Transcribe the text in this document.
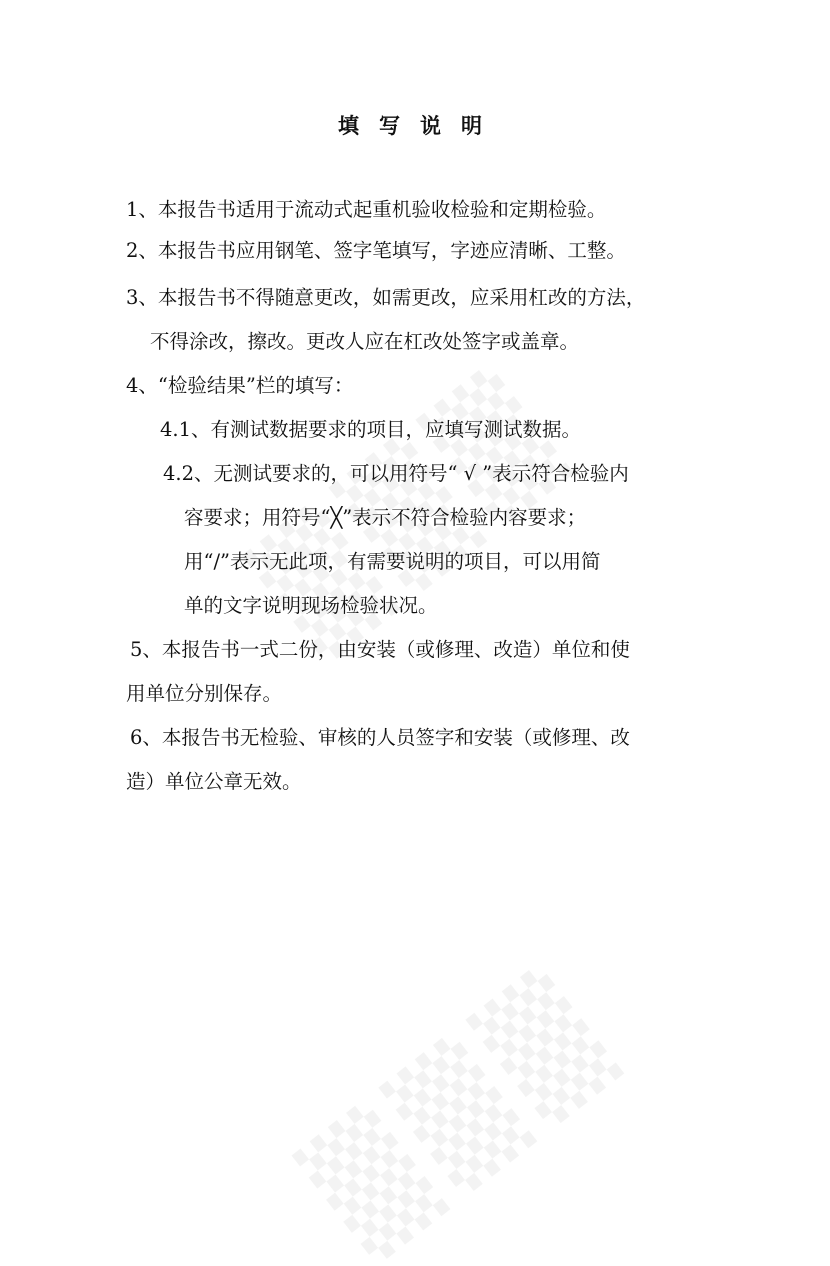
填写说明

1、本报告书适用于流动式起重机验收检验和定期检验。

2、本报告书应用钢笔、签字笔填写，字迹应清晰、工整。

3、本报告书不得随意更改，如需更改，应采用杠改的方法，

不得涂改，擦改。更改人应在杠改处签字或盖章。

4、“检验结果”栏的填写：

4.1、有测试数据要求的项目，应填写测试数据。

4.2、无测试要求的，可以用符号“ √ ”表示符合检验内

容要求；用符号“╳”表示不符合检验内容要求；

用“/”表示无此项，有需要说明的项目，可以用简

单的文字说明现场检验状况。

5、本报告书一式二份，由安装（或修理、改造）单位和使

用单位分别保存。

6、本报告书无检验、审核的人员签字和安装（或修理、改

造）单位公章无效。
